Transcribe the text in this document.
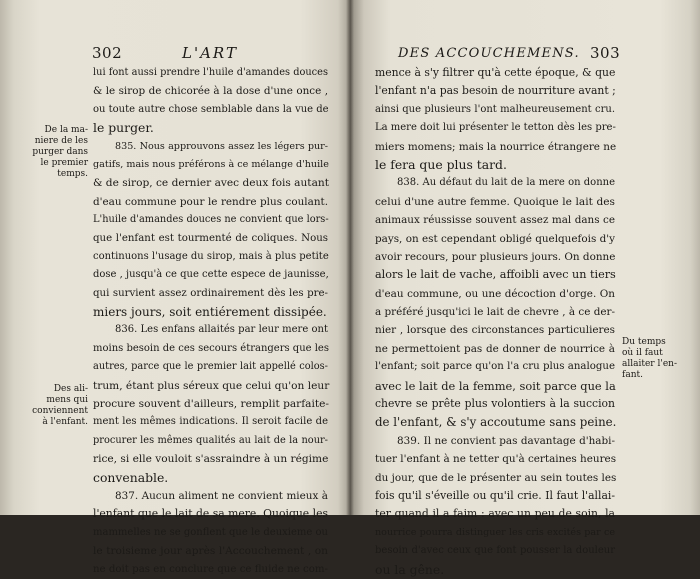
302	L'ART
De la ma-
niere de les
purger dans
le premier
temps.
Des ali-
mens qui
conviennent
à l'enfant.
lui font aussi prendre l'huile d'amandes douces
& le sirop de chicorée à la dose d'une once ,
ou toute autre chose semblable dans la vue de
le purger.
835. Nous approuvons assez les légers pur-
gatifs, mais nous préférons à ce mélange d'huile
& de sirop, ce dernier avec deux fois autant
d'eau commune pour le rendre plus coulant.
L'huile d'amandes douces ne convient que lors-
que l'enfant est tourmenté de coliques. Nous
continuons l'usage du sirop, mais à plus petite
dose , jusqu'à ce que cette espece de jaunisse,
qui survient assez ordinairement dès les pre-
miers jours, soit entiérement dissipée.
836. Les enfans allaités par leur mere ont
moins besoin de ces secours étrangers que les
autres, parce que le premier lait appellé colos-
trum, étant plus séreux que celui qu'on leur
procure souvent d'ailleurs, remplit parfaite-
ment les mêmes indications. Il seroit facile de
procurer les mêmes qualités au lait de la nour-
rice, si elle vouloit s'assraindre à un régime
convenable.
837. Aucun aliment ne convient mieux à
l'enfant que le lait de sa mere. Quoique les
mammelles ne se gonflent que le deuxieme ou
le troisieme jour après l'Accouchement , on
ne doit pas en conclure que ce fluide ne com-
DES ACCOUCHEMENS. 303
mence à s'y filtrer qu'à cette époque, & que
l'enfant n'a pas besoin de nourriture avant ;
ainsi que plusieurs l'ont malheureusement cru.
La mere doit lui présenter le tetton dès les pre-
miers momens; mais la nourrice étrangere ne
le fera que plus tard.
838. Au défaut du lait de la mere on donne
celui d'une autre femme. Quoique le lait des
animaux réussisse souvent assez mal dans ce
pays, on est cependant obligé quelquefois d'y
avoir recours, pour plusieurs jours. On donne
alors le lait de vache, affoibli avec un tiers
d'eau commune, ou une décoction d'orge. On
a préféré jusqu'ici le lait de chevre , à ce der-
nier , lorsque des circonstances particulieres
ne permettoient pas de donner de nourrice à
l'enfant; soit parce qu'on l'a cru plus analogue
avec le lait de la femme, soit parce que la
chevre se prête plus volontiers à la succion
de l'enfant, & s'y accoutume sans peine.
839. Il ne convient pas davantage d'habi-
tuer l'enfant à ne tetter qu'à certaines heures
du jour, que de le présenter au sein toutes les
fois qu'il s'éveille ou qu'il crie. Il faut l'allai-
ter quand il a faim : avec un peu de soin, la
nourrice pourra distinguer les cris excités par ce
besoin d'avec ceux que font pousser la douleur
ou la gêne.
Du temps
où il faut
allaiter l'en-
fant.
